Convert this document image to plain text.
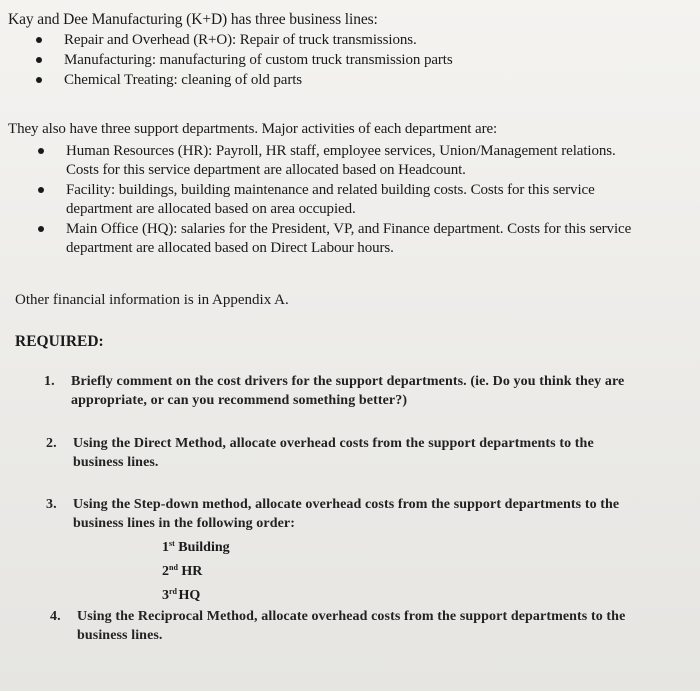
Kay and Dee Manufacturing (K+D) has three business lines:
Repair and Overhead (R+O): Repair of truck transmissions.
Manufacturing: manufacturing of custom truck transmission parts
Chemical Treating: cleaning of old parts
They also have three support departments. Major activities of each department are:
Human Resources (HR): Payroll, HR staff, employee services, Union/Management relations.
Costs for this service department are allocated based on Headcount.
Facility: buildings, building maintenance and related building costs. Costs for this service
department are allocated based on area occupied.
Main Office (HQ): salaries for the President, VP, and Finance department. Costs for this service
department are allocated based on Direct Labour hours.
Other financial information is in Appendix A.
REQUIRED:
1. Briefly comment on the cost drivers for the support departments. (ie. Do you think they are
appropriate, or can you recommend something better?)
2. Using the Direct Method, allocate overhead costs from the support departments to the
business lines.
3. Using the Step-down method, allocate overhead costs from the support departments to the
business lines in the following order:
1st Building
2nd HR
3rd HQ
4. Using the Reciprocal Method, allocate overhead costs from the support departments to the
business lines.
